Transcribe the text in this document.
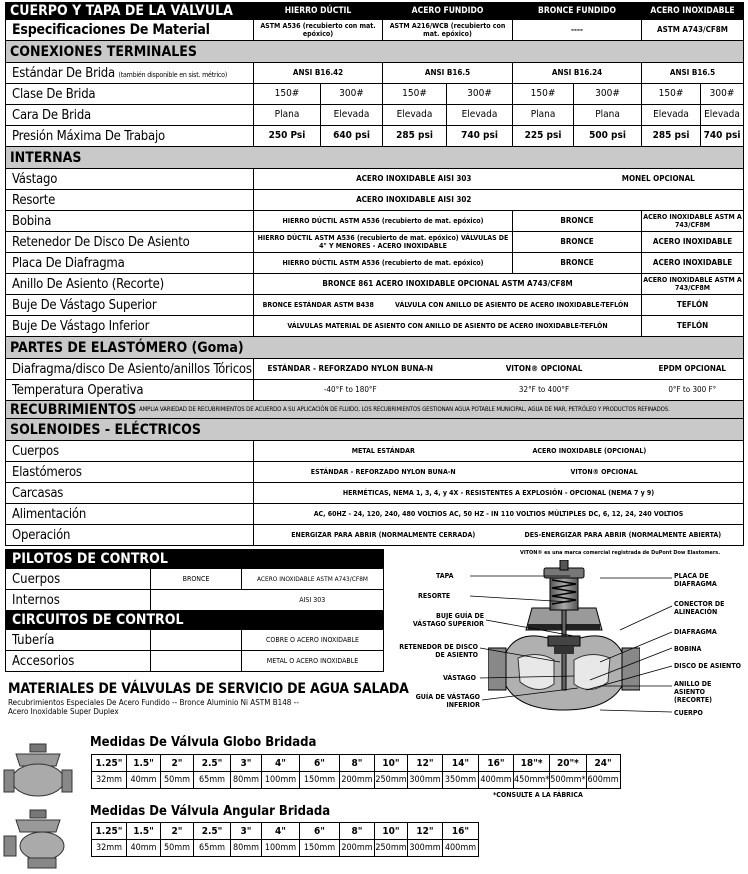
CUERPO Y TAPA DE LA VÁLVULA	HIERRO DÚCTIL		ACERO FUNDIDO		BRONCE FUNDIDO		ACERO INOXIDABLE	
Especificaciones De Material	ASTM A536 (recubierto con mat. epóxico)		ASTM A216/WCB (recubierto con mat. epóxico)		----		ASTM A743/CF8M	
CONEXIONES TERMINALES								
Estándar De Brida (también disponible en sist. métrico)	ANSI B16.42		ANSI B16.5		ANSI B16.24		ANSI B16.5	
Clase De Brida	150#	300#	150#	300#	150#	300#	150#	300#
Cara De Brida	Plana	Elevada	Elevada	Elevada	Plana	Plana	Elevada	Elevada
Presión Máxima De Trabajo	250 Psi	640 psi	285 psi	740 psi	225 psi	500 psi	285 psi	740 psi
INTERNAS								
Vástago	ACERO INOXIDABLE AISI 303					MONEL OPCIONAL		
Resorte	ACERO INOXIDABLE AISI 302							
Bobina	HIERRO DÚCTIL ASTM A536 (recubierto de mat. epóxico)				BRONCE		ACERO INOXIDABLE ASTM A 743/CF8M	
Retenedor De Disco De Asiento	HIERRO DÚCTIL ASTM A536 (recubierto de mat. epóxico) VÁLVULAS DE 4" Y MENORES - ACERO INOXIDABLE				BRONCE		ACERO INOXIDABLE	
Placa De Diafragma	HIERRO DÚCTIL ASTM A536 (recubierto de mat. epóxico)				BRONCE		ACERO INOXIDABLE	
Anillo De Asiento (Recorte)	BRONCE 861 ACERO INOXIDABLE OPCIONAL ASTM A743/CF8M						ACERO INOXIDABLE ASTM A 743/CF8M	
Buje De Vástago Superior	BRONCE ESTÁNDAR ASTM B438		VÁLVULA CON ANILLO DE ASIENTO DE ACERO INOXIDABLE-TEFLÓN				TEFLÓN	
Buje De Vástago Inferior	VÁLVULAS MATERIAL DE ASIENTO CON ANILLO DE ASIENTO DE ACERO INOXIDABLE-TEFLÓN						TEFLÓN	
PARTES DE ELASTÓMERO (Goma)								
Diafragma/disco De Asiento/anillos Tóricos	ESTÁNDAR - REFORZADO NYLON BUNA-N			VITON® OPCIONAL			EPDM OPCIONAL	
Temperatura Operativa	-40°F to 180°F			32°F to 400°F			0°F to 300 F°	
RECUBRIMIENTOS AMPLIA VARIEDAD DE RECUBRIMIENTOS DE ACUERDO A SU APLICACIÓN DE FLUIDO, LOS RECUBRIMIENTOS GESTIONAN AGUA POTABLE MUNICIPAL, AGUA DE MAR, PETRÓLEO Y PRODUCTOS REFINADOS.								
SOLENOIDES - ELÉCTRICOS								
Cuerpos	METAL ESTÁNDAR				ACERO INOXIDABLE (OPCIONAL)			
Elastómeros	ESTÁNDAR - REFORZADO NYLON BUNA-N				VITON® OPCIONAL			
Carcasas	HERMÉTICAS, NEMA 1, 3, 4, y 4X - RESISTENTES A EXPLOSIÓN - OPCIONAL (NEMA 7 y 9)							
Alimentación	AC, 60HZ - 24, 120, 240, 480 VOLTIOS AC, 50 HZ - IN 110 VOLTIOS MÚLTIPLES DC, 6, 12, 24, 240 VOLTIOS							
Operación	ENERGIZAR PARA ABRIR (NORMALMENTE CERRADA)				DES-ENERGIZAR PARA ABRIR (NORMALMENTE ABIERTA)			
PILOTOS DE CONTROL		
Cuerpos	BRONCE	ACERO INOXIDABLE ASTM A743/CF8M
Internos		AISI 303
CIRCUITOS DE CONTROL		
Tubería		COBRE O ACERO INOXIDABLE
Accesorios		METAL O ACERO INOXIDABLE
VITON® es una marca comercial registrada de DuPont Dow Elastomers.
TAPA
RESORTE
BUJE GUÍA DE VÁSTAGO SUPERIOR
RETENEDOR DE DISCO DE ASIENTO
VÁSTAGO
GUÍA DE VÁSTAGO INFERIOR
PLACA DE DIAFRAGMA
CONECTOR DE ALINEACIÓN
DIAFRAGMA
BOBINA
DISCO DE ASIENTO
ANILLO DE ASIENTO (RECORTE)
CUERPO
MATERIALES DE VÁLVULAS DE SERVICIO DE AGUA SALADA
Recubrimientos Especiales De Acero Fundido -- Bronce Aluminio Ni ASTM B148 --
Acero Inoxidable Super Duplex
Medidas De Válvula Globo Bridada
1.25"	1.5"	2"	2.5"	3"	4"	6"	8"	10"	12"	14"	16"	18"*	20"*	24"
32mm	40mm	50mm	65mm	80mm	100mm	150mm	200mm	250mm	300mm	350mm	400mm	450mm*	500mm*	600mm
*CONSULTE A LA FÁBRICA
Medidas De Válvula Angular Bridada
1.25"	1.5"	2"	2.5"	3"	4"	6"	8"	10"	12"	16"
32mm	40mm	50mm	65mm	80mm	100mm	150mm	200mm	250mm	300mm	400mm
